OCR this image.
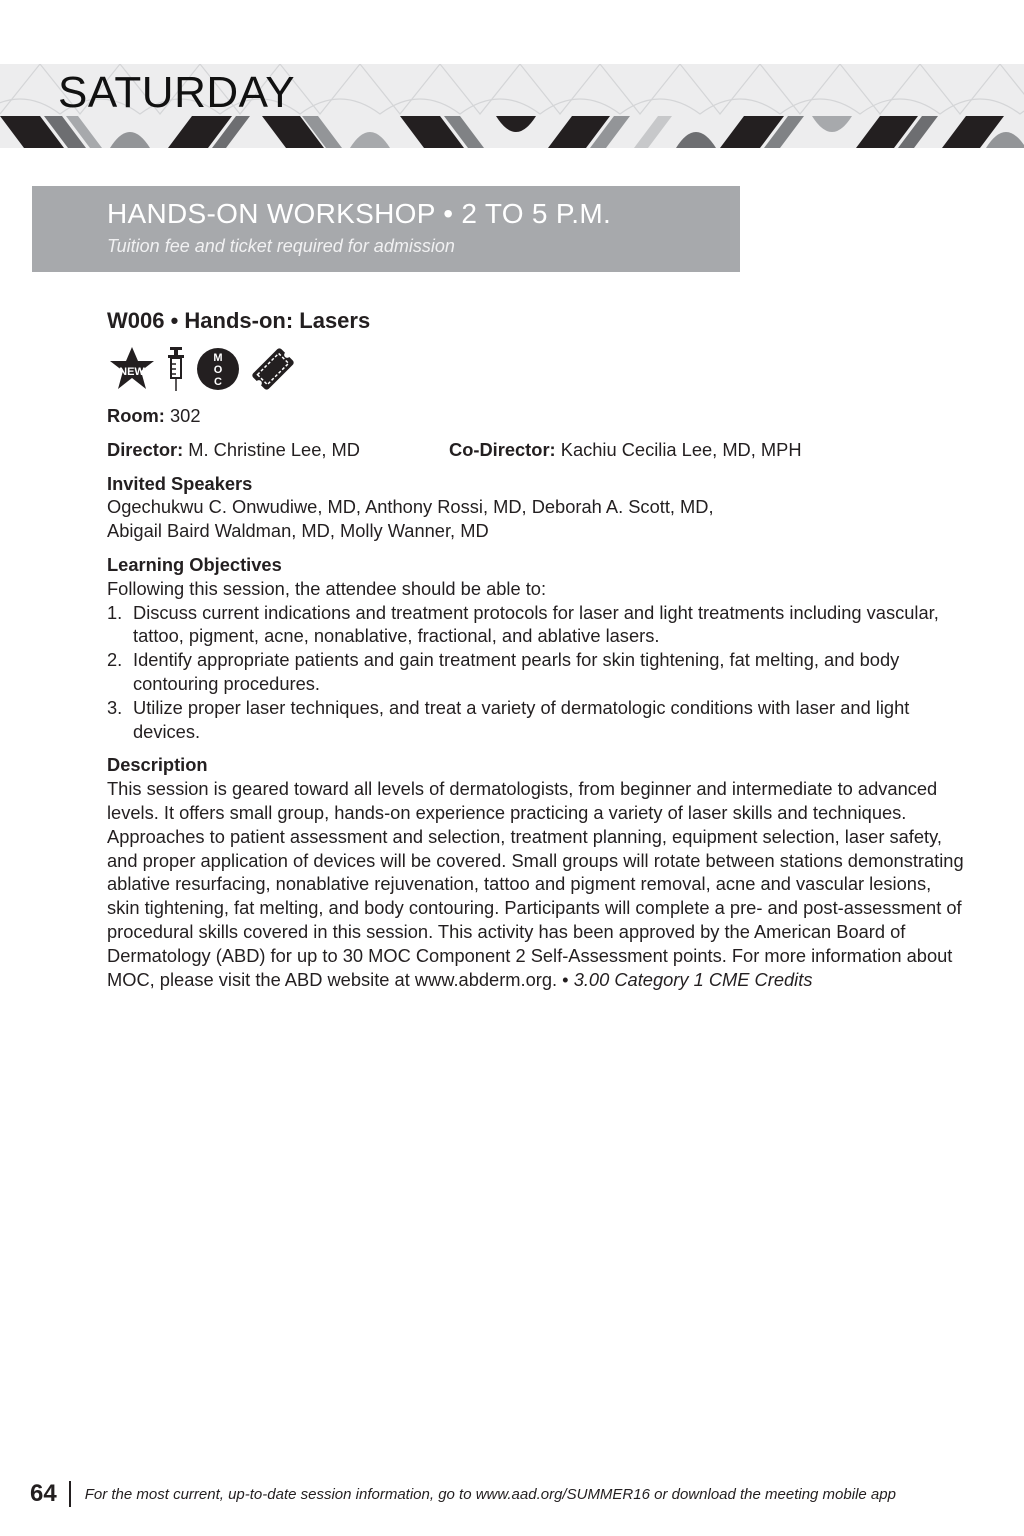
SATURDAY
HANDS-ON WORKSHOP • 2 TO 5 P.M.
Tuition fee and ticket required for admission
W006 • Hands-on: Lasers
NEW
M
O
C

Room: 302

Director: M. Christine Lee, MD	Co-Director: Kachiu Cecilia Lee, MD, MPH
Invited Speakers
Ogechukwu C. Onwudiwe, MD, Anthony Rossi, MD, Deborah A. Scott, MD,
Abigail Baird Waldman, MD, Molly Wanner, MD
Learning Objectives
Following this session, the attendee should be able to:
1. Discuss current indications and treatment protocols for laser and light treatments including vascular, tattoo, pigment, acne, nonablative, fractional, and ablative lasers.
2. Identify appropriate patients and gain treatment pearls for skin tightening, fat melting, and body contouring procedures.
3. Utilize proper laser techniques, and treat a variety of dermatologic conditions with laser and light devices.
Description
This session is geared toward all levels of dermatologists, from beginner and intermediate to advanced levels. It offers small group, hands-on experience practicing a variety of laser skills and techniques. Approaches to patient assessment and selection, treatment planning, equipment selection, laser safety, and proper application of devices will be covered. Small groups will rotate between stations demonstrating ablative resurfacing, nonablative rejuvenation, tattoo and pigment removal, acne and vascular lesions, skin tightening, fat melting, and body contouring. Participants will complete a pre- and post-assessment of procedural skills covered in this session. This activity has been approved by the American Board of Dermatology (ABD) for up to 30 MOC Component 2 Self-Assessment points. For more information about MOC, please visit the ABD website at www.abderm.org. • 3.00 Category 1 CME Credits
64 For the most current, up-to-date session information, go to www.aad.org/SUMMER16 or download the meeting mobile app
